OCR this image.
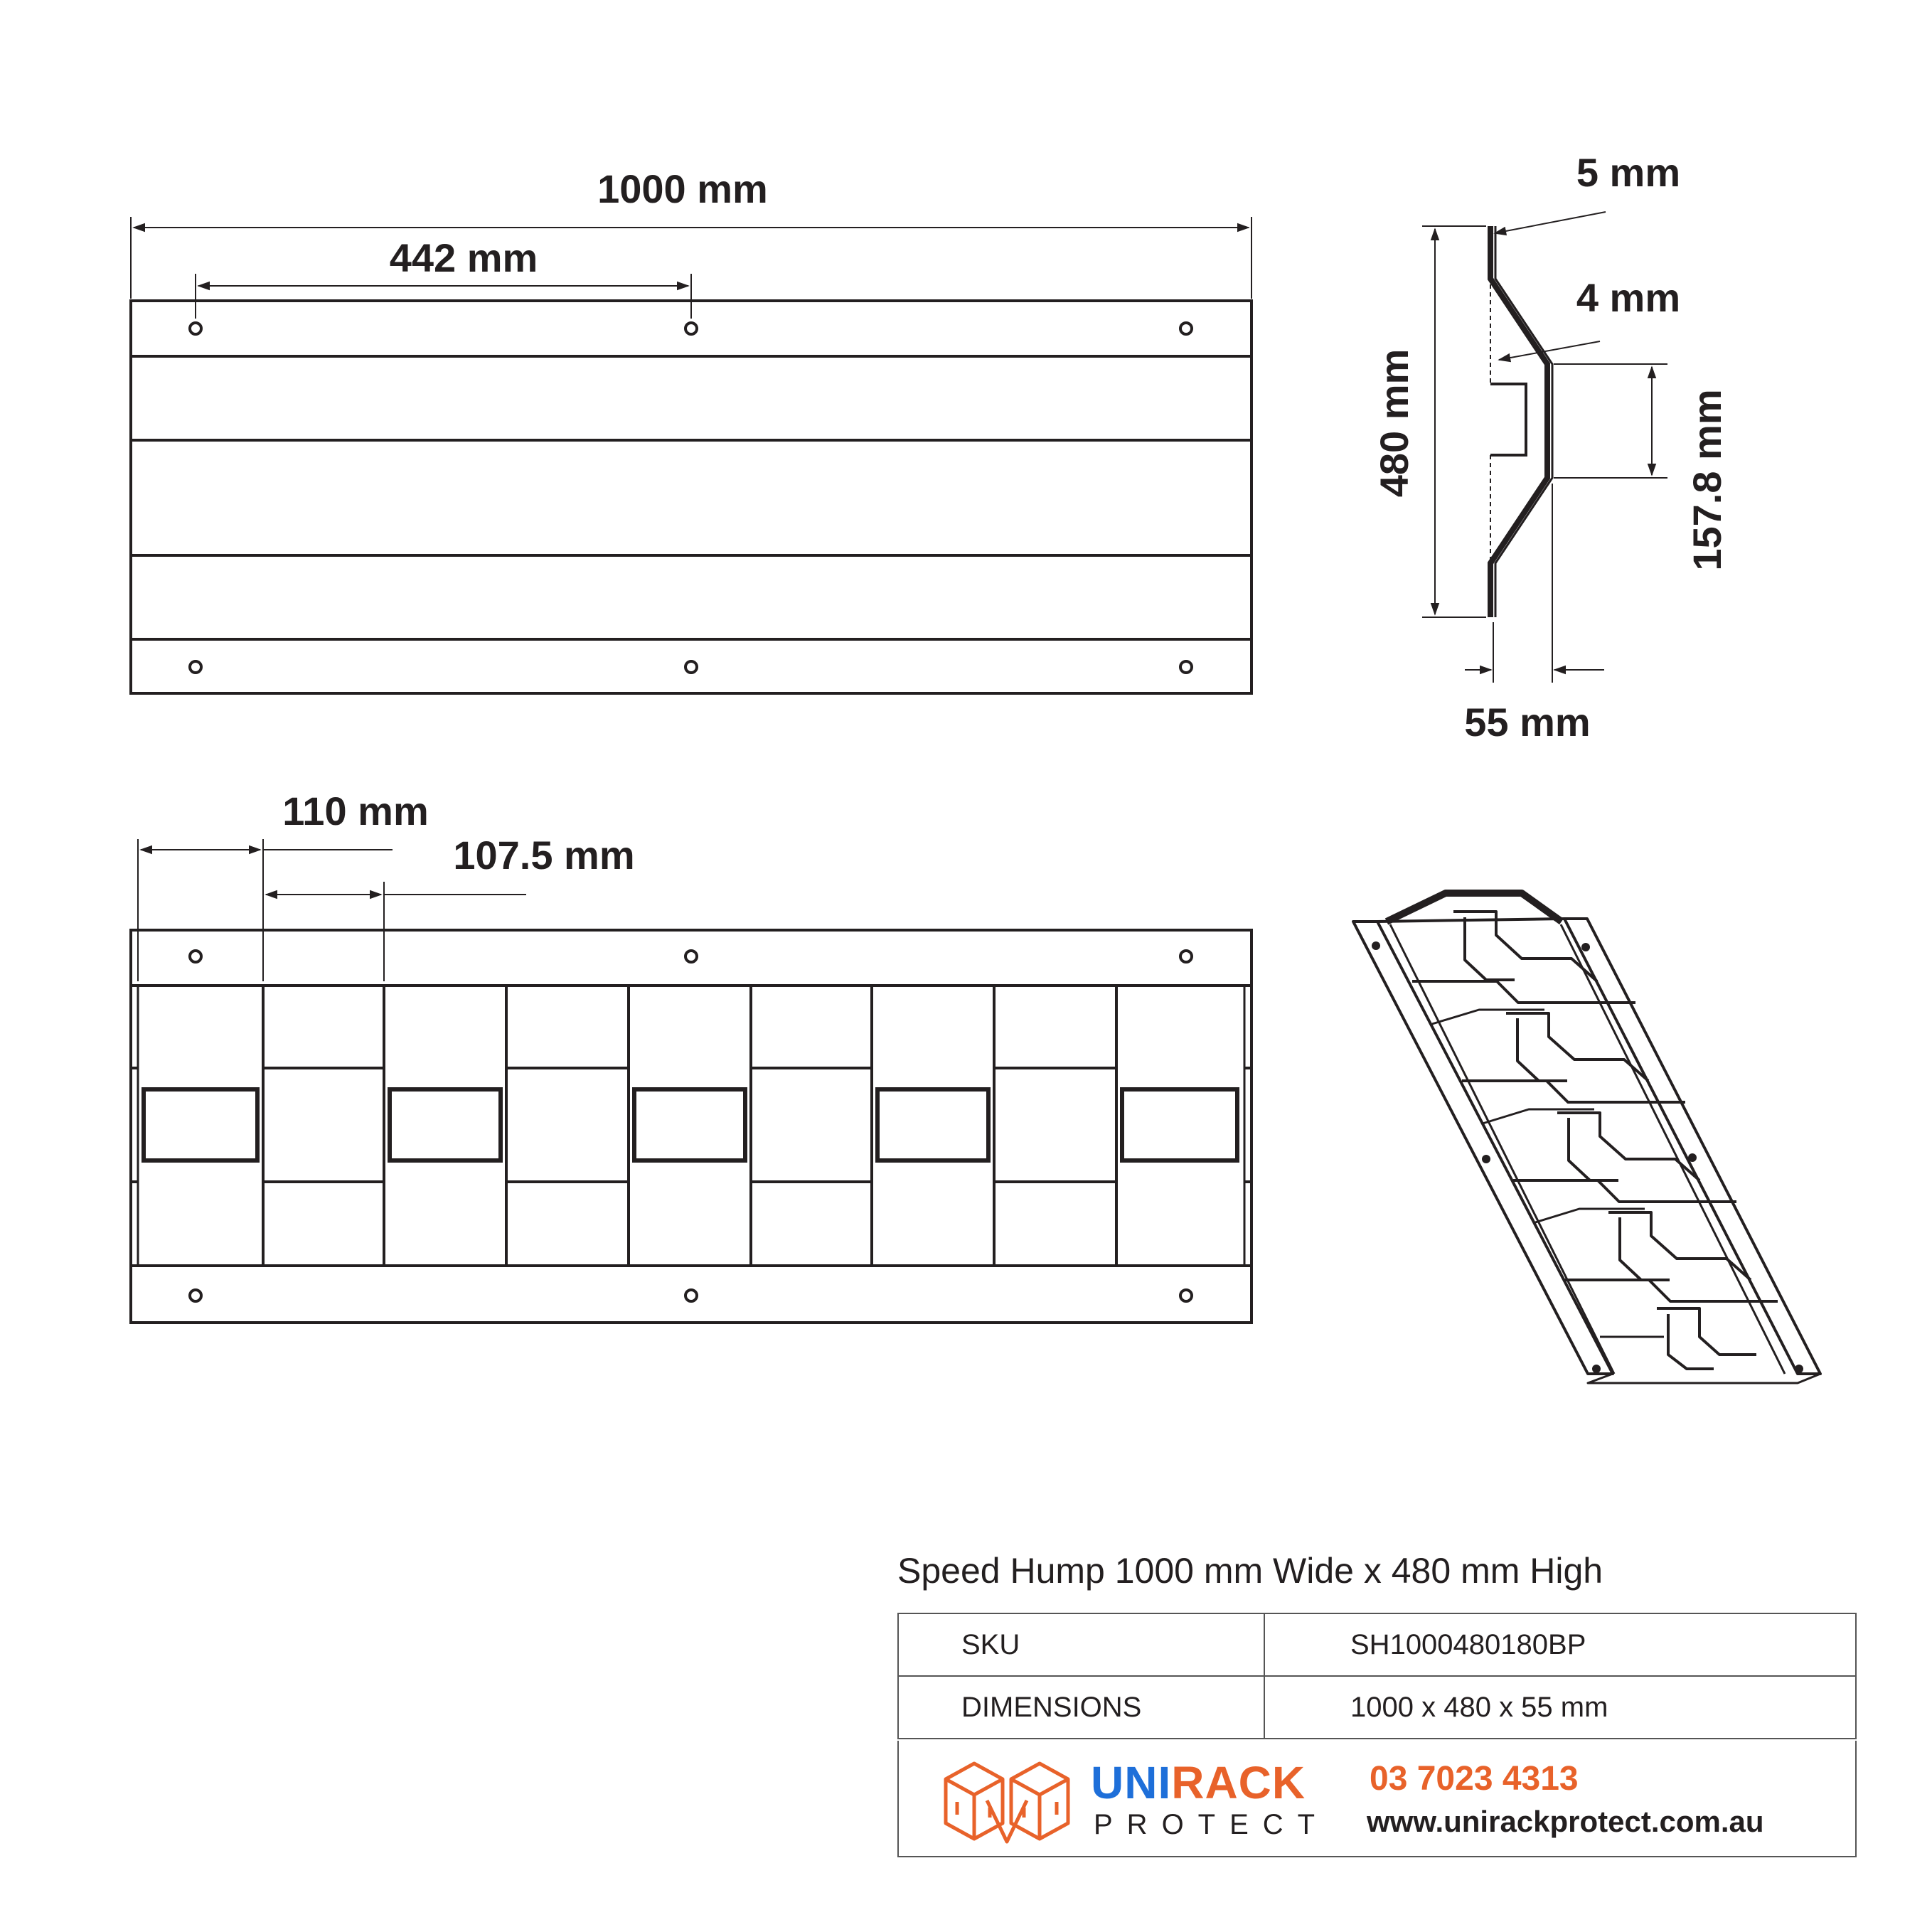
1000 mm
442 mm
480 mm	157.8 mm
55 mm
5 mm
4 mm
110 mm
107.5 mm
Speed Hump 1000 mm Wide x 480 mm High
SKU	SH1000480180BP
DIMENSIONS	1000 x 480 x 55 mm
UNIRACK
PROTECT
03 7023 4313
www.unirackprotect.com.au
